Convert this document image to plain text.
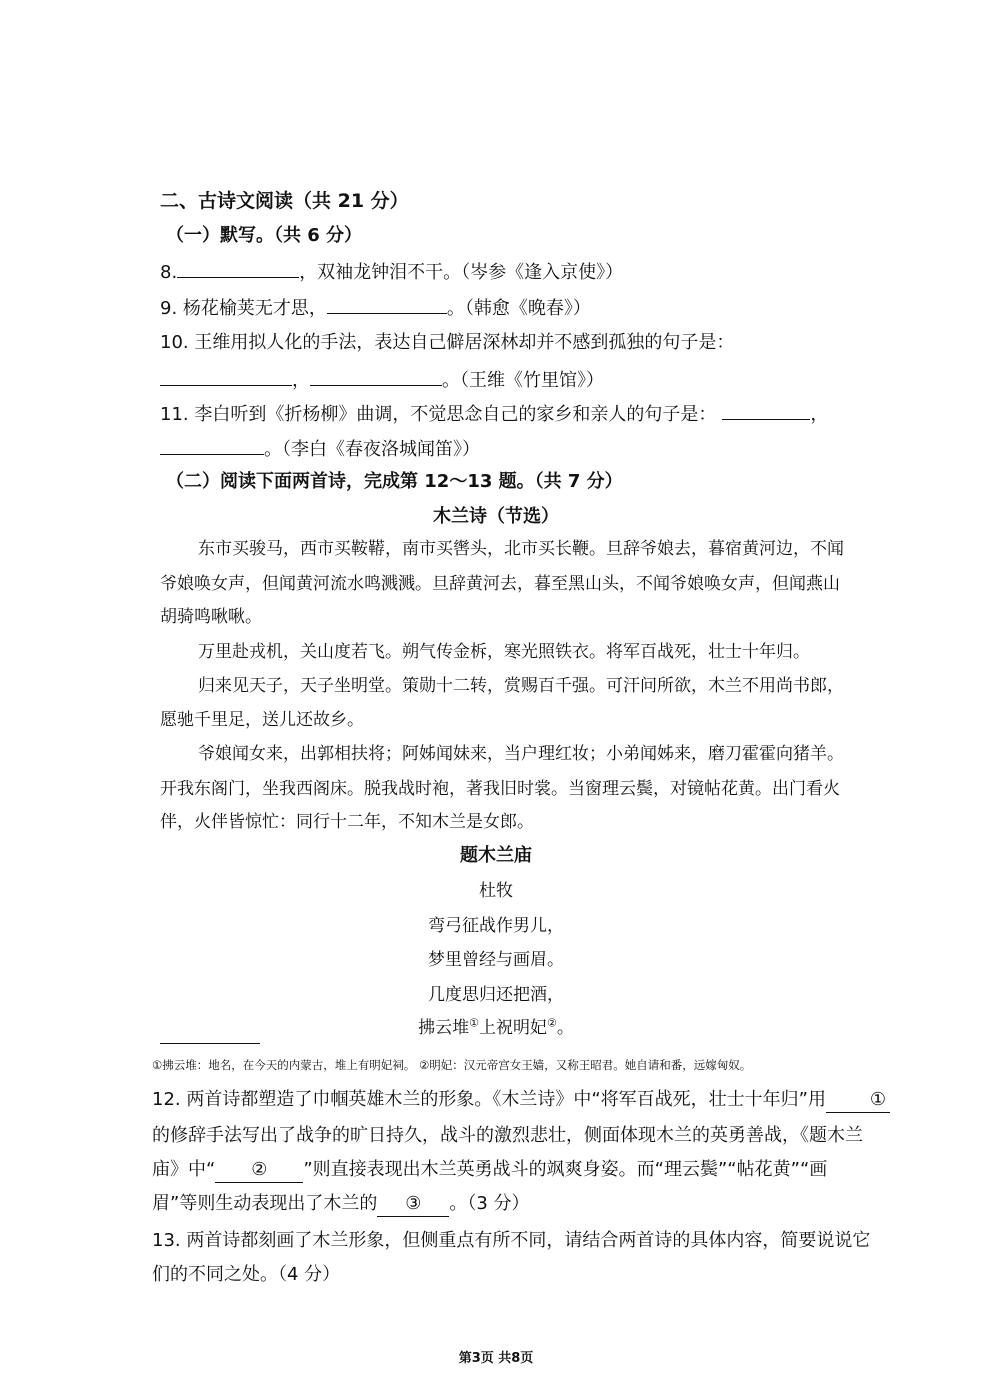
二、古诗文阅读（共 21 分）
（一）默写。（共 6 分）
8.	，双袖龙钟泪不干。（岑参《逢入京使》）
9. 杨花榆荚无才思，	。（韩愈《晚春》）
10. 王维用拟人化的手法，表达自己僻居深林却并不感到孤独的句子是：
，	。（王维《竹里馆》）
11. 李白听到《折杨柳》曲调，不觉思念自己的家乡和亲人的句子是：	，
。（李白《春夜洛城闻笛》）
（二）阅读下面两首诗，完成第 12～13 题。（共 7 分）
木兰诗（节选）
东市买骏马，西市买鞍鞯，南市买辔头，北市买长鞭。旦辞爷娘去，暮宿黄河边，不闻
爷娘唤女声，但闻黄河流水鸣溅溅。旦辞黄河去，暮至黑山头，不闻爷娘唤女声，但闻燕山
胡骑鸣啾啾。
万里赴戎机，关山度若飞。朔气传金柝，寒光照铁衣。将军百战死，壮士十年归。
归来见天子，天子坐明堂。策勋十二转，赏赐百千强。可汗问所欲，木兰不用尚书郎，
愿驰千里足，送儿还故乡。
爷娘闻女来，出郭相扶将；阿姊闻妹来，当户理红妆；小弟闻姊来，磨刀霍霍向猪羊。
开我东阁门，坐我西阁床。脱我战时袍，著我旧时裳。当窗理云鬓，对镜帖花黄。出门看火
伴，火伴皆惊忙：同行十二年，不知木兰是女郎。
题木兰庙
杜牧
弯弓征战作男儿，
梦里曾经与画眉。
几度思归还把酒，
拂云堆①上祝明妃②。
①拂云堆：地名，在今天的内蒙古，堆上有明妃祠。 ②明妃：汉元帝宫女王嫱，又称王昭君。她自请和番，远嫁匈奴。
12. 两首诗都塑造了巾帼英雄木兰的形象。《木兰诗》中“将军百战死，壮士十年归”用 ①
的修辞手法写出了战争的旷日持久，战斗的激烈悲壮，侧面体现木兰的英勇善战，《题木兰
庙》中“ ② ”则直接表现出木兰英勇战斗的飒爽身姿。而“理云鬓”“帖花黄”“画
眉”等则生动表现出了木兰的 ③ 。（3 分）
13. 两首诗都刻画了木兰形象，但侧重点有所不同，请结合两首诗的具体内容，简要说说它
们的不同之处。（4 分）
第3页 共8页
